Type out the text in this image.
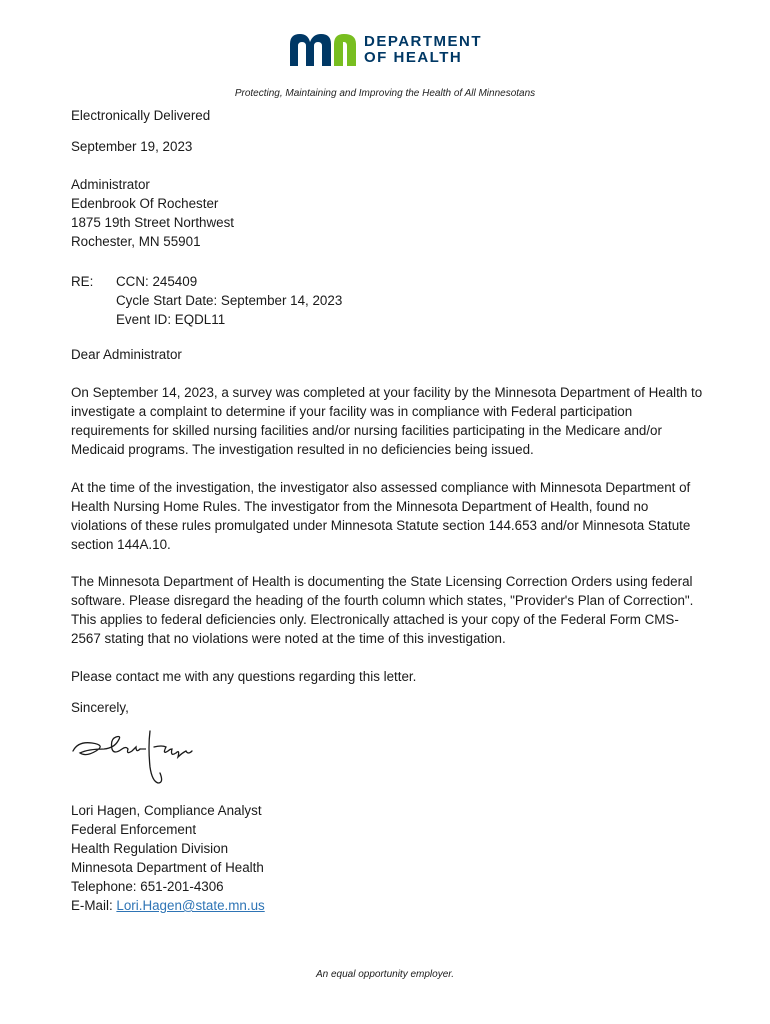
DEPARTMENT
OF HEALTH
Protecting, Maintaining and Improving the Health of All Minnesotans
Electronically Delivered
September 19, 2023
Administrator
Edenbrook Of Rochester
1875 19th Street Northwest
Rochester, MN 55901
RE: CCN: 245409
Cycle Start Date: September 14, 2023
Event ID: EQDL11
Dear Administrator
On September 14, 2023, a survey was completed at your facility by the Minnesota Department of Health to investigate a complaint to determine if your facility was in compliance with Federal participation requirements for skilled nursing facilities and/or nursing facilities participating in the Medicare and/or Medicaid programs. The investigation resulted in no deficiencies being issued.
At the time of the investigation, the investigator also assessed compliance with Minnesota Department of Health Nursing Home Rules. The investigator from the Minnesota Department of Health, found no violations of these rules promulgated under Minnesota Statute section 144.653 and/or Minnesota Statute section 144A.10.
The Minnesota Department of Health is documenting the State Licensing Correction Orders using federal software. Please disregard the heading of the fourth column which states, "Provider's Plan of Correction". This applies to federal deficiencies only. Electronically attached is your copy of the Federal Form CMS-2567 stating that no violations were noted at the time of this investigation.
Please contact me with any questions regarding this letter.
Sincerely,
Lori Hagen, Compliance Analyst
Federal Enforcement
Health Regulation Division
Minnesota Department of Health
Telephone: 651-201-4306
E-Mail: Lori.Hagen@state.mn.us
An equal opportunity employer.
